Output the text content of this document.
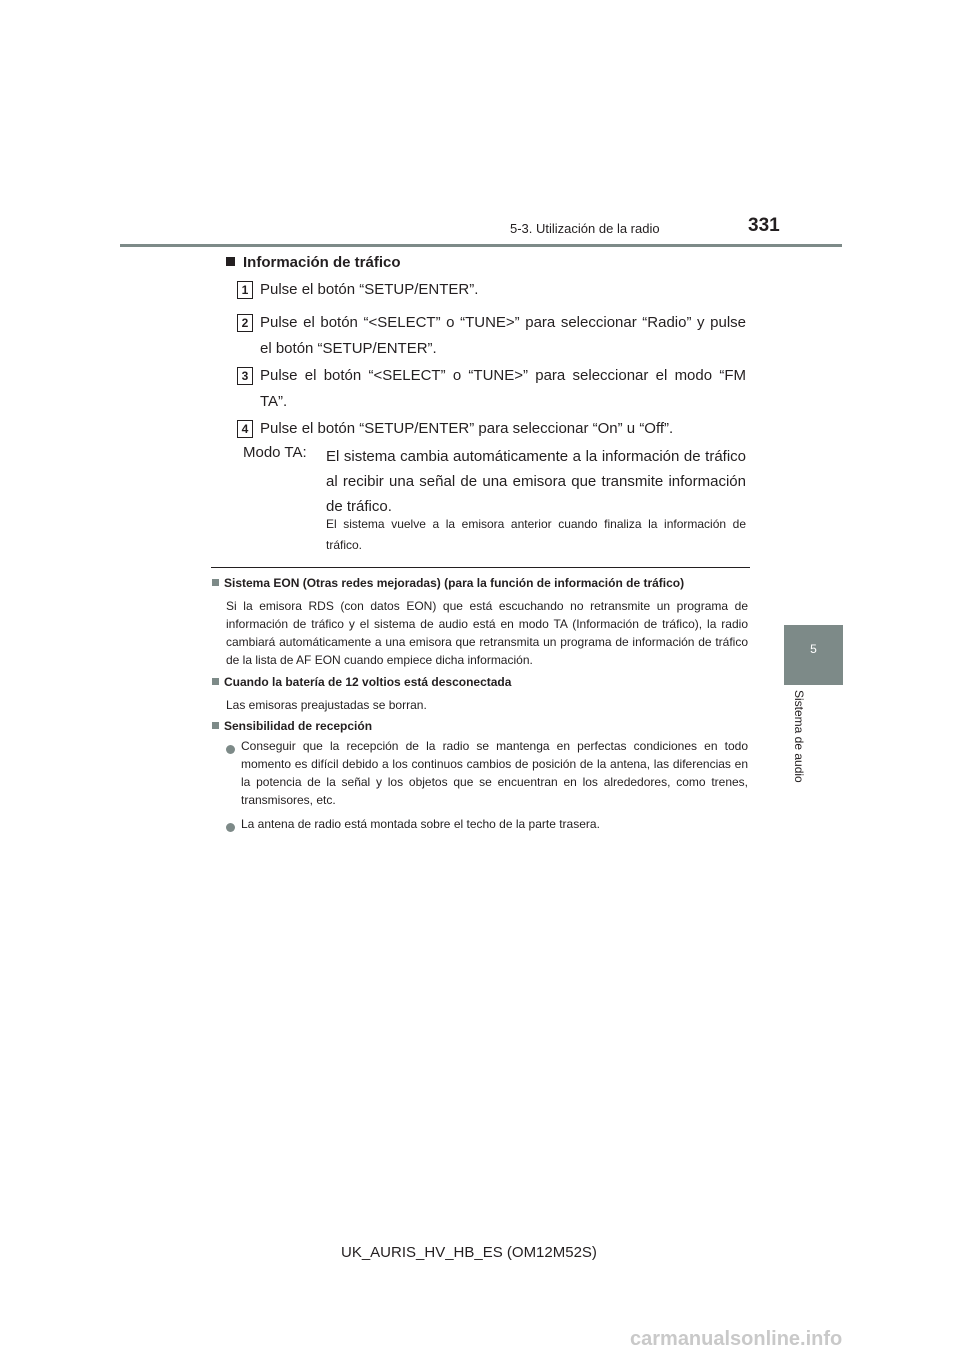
5-3. Utilización de la radio	331
5
Sistema de audio
Información de tráfico
1 Pulse el botón “SETUP/ENTER”.
2 Pulse el botón “<SELECT” o “TUNE>” para seleccionar “Radio” y pulse el botón “SETUP/ENTER”.
3 Pulse el botón “<SELECT” o “TUNE>” para seleccionar el modo “FM TA”.
4 Pulse el botón “SETUP/ENTER” para seleccionar “On” u “Off”.
Modo TA: El sistema cambia automáticamente a la información de tráfico al recibir una señal de una emisora que transmite información de tráfico.
El sistema vuelve a la emisora anterior cuando finaliza la información de tráfico.
Sistema EON (Otras redes mejoradas) (para la función de información de tráfico)
Si la emisora RDS (con datos EON) que está escuchando no retransmite un programa de información de tráfico y el sistema de audio está en modo TA (Información de tráfico), la radio cambiará automáticamente a una emisora que retransmita un programa de información de tráfico de la lista de AF EON cuando empiece dicha información.
Cuando la batería de 12 voltios está desconectada
Las emisoras preajustadas se borran.
Sensibilidad de recepción
Conseguir que la recepción de la radio se mantenga en perfectas condiciones en todo momento es difícil debido a los continuos cambios de posición de la antena, las diferencias en la potencia de la señal y los objetos que se encuentran en los alrededores, como trenes, transmisores, etc.
La antena de radio está montada sobre el techo de la parte trasera.
UK_AURIS_HV_HB_ES (OM12M52S)
carmanualsonline.info
